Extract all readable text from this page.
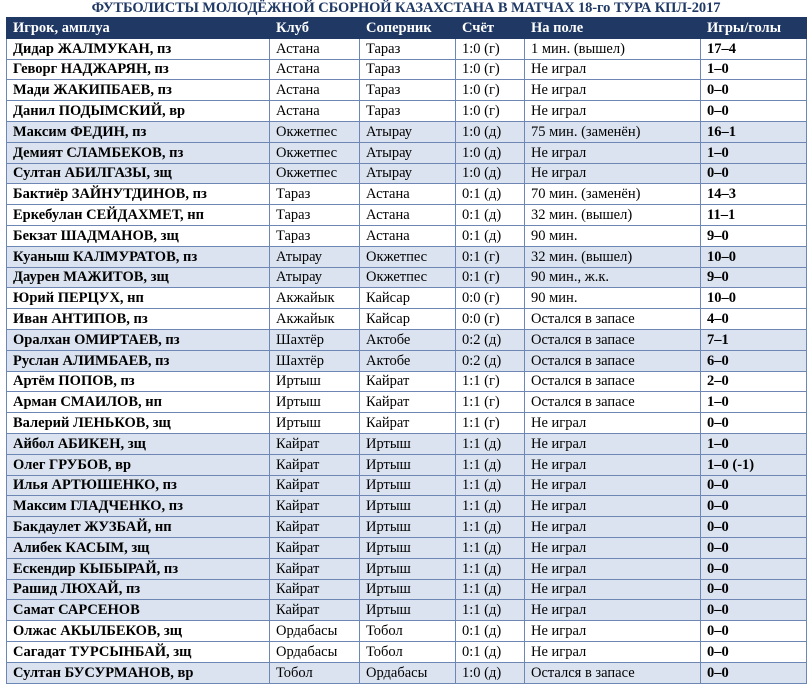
ФУТБОЛИСТЫ МОЛОДЁЖНОЙ СБОРНОЙ КАЗАХСТАНА В МАТЧАХ 18-го ТУРА КПЛ-2017
Игрок, амплуа	Клуб	Соперник	Счёт	На поле	Игры/голы
Дидар ЖАЛМУКАН, пз	Астана	Тараз	1:0 (г)	1 мин. (вышел)	17–4
Геворг НАДЖАРЯН, пз	Астана	Тараз	1:0 (г)	Не играл	1–0
Мади ЖАКИПБАЕВ, пз	Астана	Тараз	1:0 (г)	Не играл	0–0
Данил ПОДЫМСКИЙ, вр	Астана	Тараз	1:0 (г)	Не играл	0–0
Максим ФЕДИН, пз	Окжетпес	Атырау	1:0 (д)	75 мин. (заменён)	16–1
Демият СЛАМБЕКОВ, пз	Окжетпес	Атырау	1:0 (д)	Не играл	1–0
Султан АБИЛГАЗЫ, зщ	Окжетпес	Атырау	1:0 (д)	Не играл	0–0
Бактиёр ЗАЙНУТДИНОВ, пз	Тараз	Астана	0:1 (д)	70 мин. (заменён)	14–3
Еркебулан СЕЙДАХМЕТ, нп	Тараз	Астана	0:1 (д)	32 мин. (вышел)	11–1
Бекзат ШАДМАНОВ, зщ	Тараз	Астана	0:1 (д)	90 мин.	9–0
Куаныш КАЛМУРАТОВ, пз	Атырау	Окжетпес	0:1 (г)	32 мин. (вышел)	10–0
Даурен МАЖИТОВ, зщ	Атырау	Окжетпес	0:1 (г)	90 мин., ж.к.	9–0
Юрий ПЕРЦУХ, нп	Акжайык	Кайсар	0:0 (г)	90 мин.	10–0
Иван АНТИПОВ, пз	Акжайык	Кайсар	0:0 (г)	Остался в запасе	4–0
Оралхан ОМИРТАЕВ, пз	Шахтёр	Актобе	0:2 (д)	Остался в запасе	7–1
Руслан АЛИМБАЕВ, пз	Шахтёр	Актобе	0:2 (д)	Остался в запасе	6–0
Артём ПОПОВ, пз	Иртыш	Кайрат	1:1 (г)	Остался в запасе	2–0
Арман СМАИЛОВ, нп	Иртыш	Кайрат	1:1 (г)	Остался в запасе	1–0
Валерий ЛЕНЬКОВ, зщ	Иртыш	Кайрат	1:1 (г)	Не играл	0–0
Айбол АБИКЕН, зщ	Кайрат	Иртыш	1:1 (д)	Не играл	1–0
Олег ГРУБОВ, вр	Кайрат	Иртыш	1:1 (д)	Не играл	1–0 (-1)
Илья АРТЮШЕНКО, пз	Кайрат	Иртыш	1:1 (д)	Не играл	0–0
Максим ГЛАДЧЕНКО, пз	Кайрат	Иртыш	1:1 (д)	Не играл	0–0
Бакдаулет ЖУЗБАЙ, нп	Кайрат	Иртыш	1:1 (д)	Не играл	0–0
Алибек КАСЫМ, зщ	Кайрат	Иртыш	1:1 (д)	Не играл	0–0
Ескендир КЫБЫРАЙ, пз	Кайрат	Иртыш	1:1 (д)	Не играл	0–0
Рашид ЛЮХАЙ, пз	Кайрат	Иртыш	1:1 (д)	Не играл	0–0
Самат САРСЕНОВ	Кайрат	Иртыш	1:1 (д)	Не играл	0–0
Олжас АКЫЛБЕКОВ, зщ	Ордабасы	Тобол	0:1 (д)	Не играл	0–0
Сагадат ТУРСЫНБАЙ, зщ	Ордабасы	Тобол	0:1 (д)	Не играл	0–0
Султан БУСУРМАНОВ, вр	Тобол	Ордабасы	1:0 (д)	Остался в запасе	0–0
